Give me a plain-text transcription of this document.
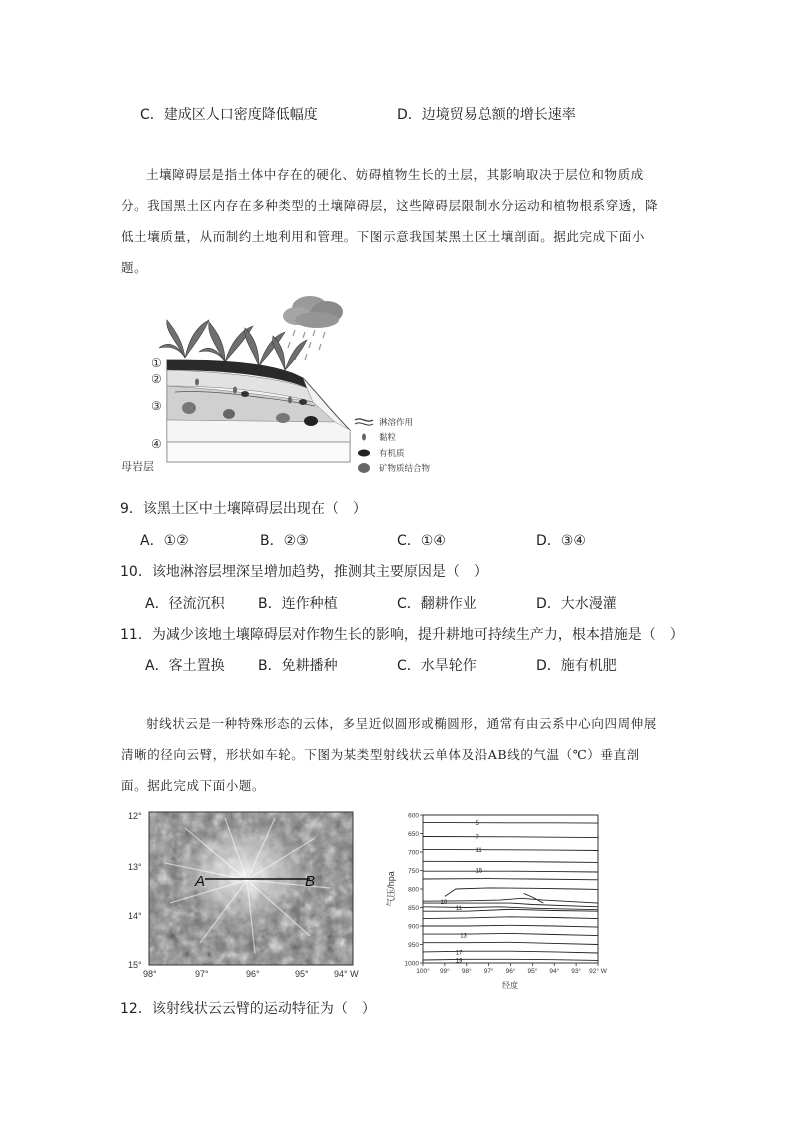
C．建成区人口密度降低幅度	D．边境贸易总额的增长速率

土壤障碍层是指土体中存在的硬化、妨碍植物生长的土层，其影响取决于层位和物质成分。我国黑土区内存在多种类型的土壤障碍层，这些障碍层限制水分运动和植物根系穿透，降低土壤质量，从而制约土地利用和管理。下图示意我国某黑土区土壤剖面。据此完成下面小题。

①
②
③
④
母岩层
淋溶作用
黏粒
有机质
矿物质结合物
9．该黑土区中土壤障碍层出现在（　）
A．①②	B．②③	C．①④	D．③④
10．该地淋溶层埋深呈增加趋势，推测其主要原因是（　）
A．径流沉积 B．连作种植	C．翻耕作业	D．大水漫灌
11．为减少该地土壤障碍层对作物生长的影响，提升耕地可持续生产力，根本措施是（　）
A．客土置换 B．免耕播种	C．水旱轮作	D．施有机肥

射线状云是一种特殊形态的云体，多呈近似圆形或椭圆形，通常有由云系中心向四周伸展清晰的径向云臂，形状如车轮。下图为某类型射线状云单体及沿AB线的气温（℃）垂直剖面。据此完成下面小题。

A	B
12°
13°
14°
15°
98°	97°	96°	95°	94° W
600
650
700
750
800
850
900
950
1000
100° 99° 98° 97° 96° 95° 94° 93° 92° W
5
7
11
15
10
11
13
17
19
气压/hpa
经度
12．该射线状云云臂的运动特征为（　）
